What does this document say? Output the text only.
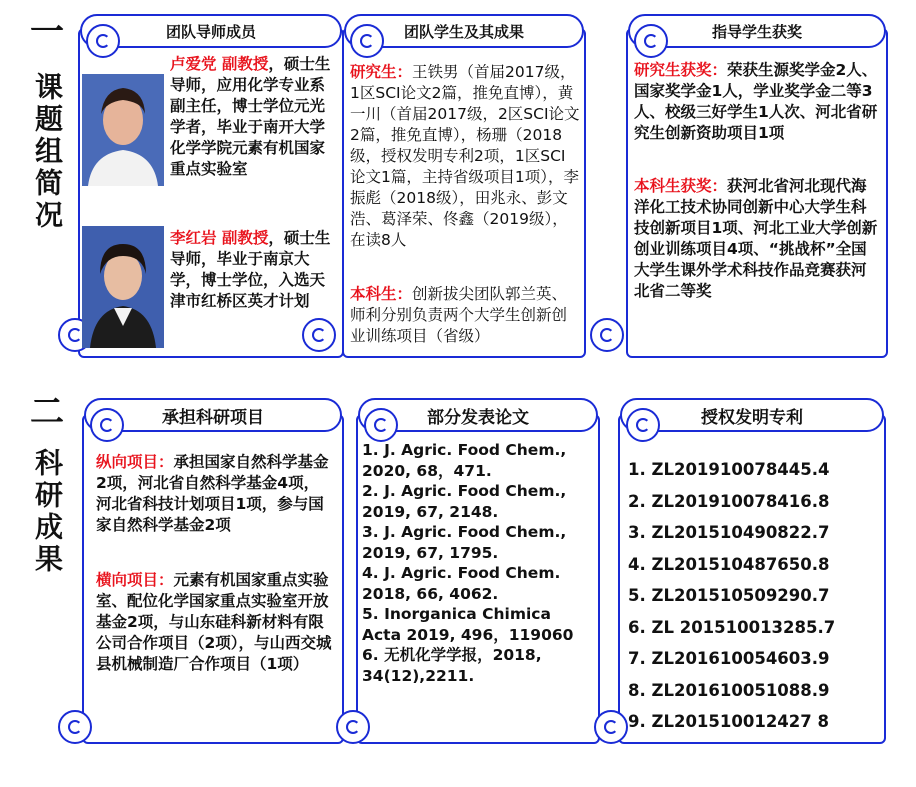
一
课题组简况
团队导师成员
卢爱党 副教授，硕士生导师，应用化学专业系副主任，博士学位元光学者，毕业于南开大学化学学院元素有机国家重点实验室
李红岩 副教授，硕士生导师，毕业于南京大学，博士学位，入选天津市红桥区英才计划
团队学生及其成果
研究生：王铁男（首届2017级，1区SCI论文2篇，推免直博），黄一川（首届2017级，2区SCI论文2篇，推免直博），杨珊（2018级，授权发明专利2项，1区SCI论文1篇，主持省级项目1项），李振彪（2018级），田兆永、彭文浩、葛泽荣、佟鑫（2019级），在读8人
本科生：创新拔尖团队郭兰英、师利分别负责两个大学生创新创业训练项目（省级）
指导学生获奖
研究生获奖：荣获生源奖学金2人、国家奖学金1人，学业奖学金二等3人、校级三好学生1人次、河北省研究生创新资助项目1项
本科生获奖：获河北省河北现代海洋化工技术协同创新中心大学生科技创新项目1项、河北工业大学创新创业训练项目4项、“挑战杯”全国大学生课外学术科技作品竞赛获河北省二等奖
二
科研成果
承担科研项目
纵向项目：承担国家自然科学基金2项，河北省自然科学基金4项，河北省科技计划项目1项，参与国家自然科学基金2项
横向项目：元素有机国家重点实验室、配位化学国家重点实验室开放基金2项，与山东硅科新材料有限公司合作项目（2项），与山西交城县机械制造厂合作项目（1项）
部分发表论文
1. J. Agric. Food Chem., 2020, 68，471.
2. J. Agric. Food Chem., 2019, 67, 2148.
3. J. Agric. Food Chem., 2019, 67, 1795.
4. J. Agric. Food Chem. 2018, 66, 4062.
5. Inorganica Chimica Acta 2019, 496，119060
6. 无机化学学报，2018, 34(12),2211.
授权发明专利
1. ZL201910078445.4
2. ZL201910078416.8
3. ZL201510490822.7
4. ZL201510487650.8
5. ZL201510509290.7
6. ZL 201510013285.7
7. ZL201610054603.9
8. ZL201610051088.9
9. ZL201510012427 8
